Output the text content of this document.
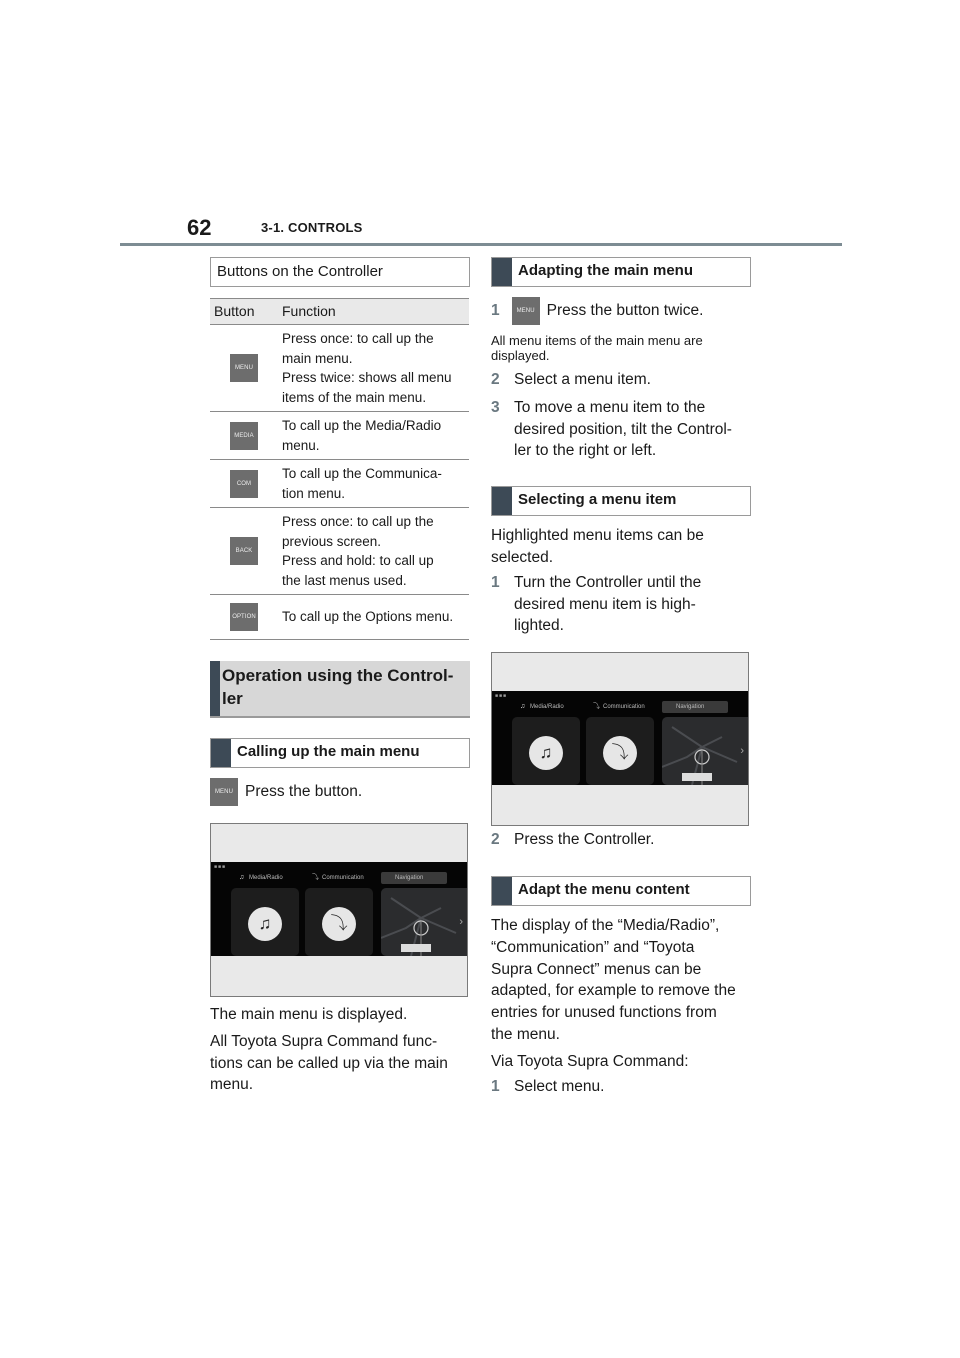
62	3-1. CONTROLS
Buttons on the Controller
Button	Function
MENU	Press once: to call up the
main menu.
Press twice: shows all menu
items of the main menu.

MEDIA	To call up the Media/Radio
menu.

COM	To call up the Communica-
tion menu.

BACK	Press once: to call up the
previous screen.
Press and hold: to call up
the last menus used.

OPTION	To call up the Options menu.
Operation using the Control-
ler
Calling up the main menu
MENU Press the button.
■■■
♫ Media/Radio	⤵ Communication	Navigation
♫	⤵	›

The main menu is displayed.

All Toyota Supra Command func-
tions can be called up via the main
menu.

Adapting the main menu
1	MENU Press the button twice.

All menu items of the main menu are
displayed.

2 Select a menu item.
3 To move a menu item to the
desired position, tilt the Control-
ler to the right or left.
Selecting a menu item

Highlighted menu items can be
selected.

1 Turn the Controller until the
desired menu item is high-
lighted.
■■■
♫ Media/Radio	⤵ Communication	Navigation
♫	⤵	›
2 Press the Controller.
Adapt the menu content

The display of the “Media/Radio”,
“Communication” and “Toyota
Supra Connect” menus can be
adapted, for example to remove the
entries for unused functions from
the menu.

Via Toyota Supra Command:

1 Select menu.
